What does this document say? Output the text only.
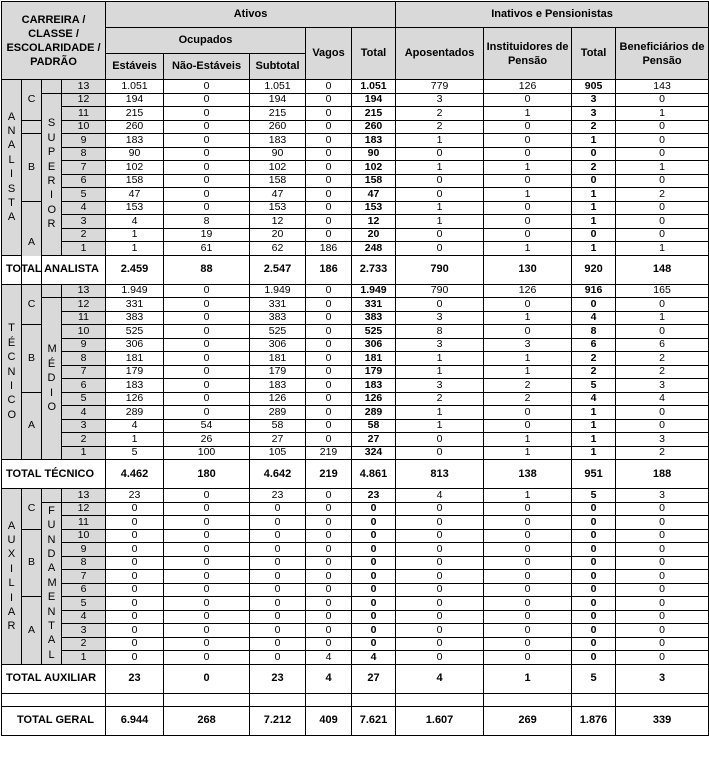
CARREIRA / CLASSE / ESCOLARIDADE / PADRÃO				Ativos					Inativos e Pensionistas			
				Ocupados			Vagos	Total	Aposentados	Instituidores de Pensão	Total	Beneficiários de Pensão
				Estáveis	Não-Estáveis	Subtotal						

ANALISTA	C		13	1.051	0	1.051	0	1.051	779	126	905	143

		SUPERIOR	12	194	0	194	0	194	3	0	3	0
			11	215	0	215	0	215	2	1	3	1
			10	260	0	260	0	260	2	0	2	0
	B		9	183	0	183	0	183	1	0	1	0
			8	90	0	90	0	90	0	0	0	0
			7	102	0	102	0	102	1	1	2	1
			6	158	0	158	0	158	0	0	0	0
			5	47	0	47	0	47	0	1	1	2
	A		4	153	0	153	0	153	1	0	1	0
			3	4	8	12	0	12	1	0	1	0
			2	1	19	20	0	20	0	0	0	0
			1	1	61	62	186	248	0	1	1	1
TOTAL ANALISTA				2.459	88	2.547	186	2.733	790	130	920	148

TÉCNICO	C		13	1.949	0	1.949	0	1.949	790	126	916	165

		MÉDIO	12	331	0	331	0	331	0	0	0	0
			11	383	0	383	0	383	3	1	4	1
	B		10	525	0	525	0	525	8	0	8	0
			9	306	0	306	0	306	3	3	6	6
			8	181	0	181	0	181	1	1	2	2
			7	179	0	179	0	179	1	1	2	2
			6	183	0	183	0	183	3	2	5	3
	A		5	126	0	126	0	126	2	2	4	4
			4	289	0	289	0	289	1	0	1	0
			3	4	54	58	0	58	1	0	1	0
			2	1	26	27	0	27	0	1	1	3
			1	5	100	105	219	324	0	1	1	2
TOTAL TÉCNICO				4.462	180	4.642	219	4.861	813	138	951	188

AUXILIAR	C		13	23	0	23	0	23	4	1	5	3

		FUNDAMENTAL	12	0	0	0	0	0	0	0	0	0
			11	0	0	0	0	0	0	0	0	0
	B		10	0	0	0	0	0	0	0	0	0
			9	0	0	0	0	0	0	0	0	0
			8	0	0	0	0	0	0	0	0	0
			7	0	0	0	0	0	0	0	0	0
			6	0	0	0	0	0	0	0	0	0
	A		5	0	0	0	0	0	0	0	0	0
			4	0	0	0	0	0	0	0	0	0
			3	0	0	0	0	0	0	0	0	0
			2	0	0	0	0	0	0	0	0	0
			1	0	0	0	4	4	0	0	0	0
TOTAL AUXILIAR				23	0	23	4	27	4	1	5	3

TOTAL GERAL				6.944	268	7.212	409	7.621	1.607	269	1.876	339
